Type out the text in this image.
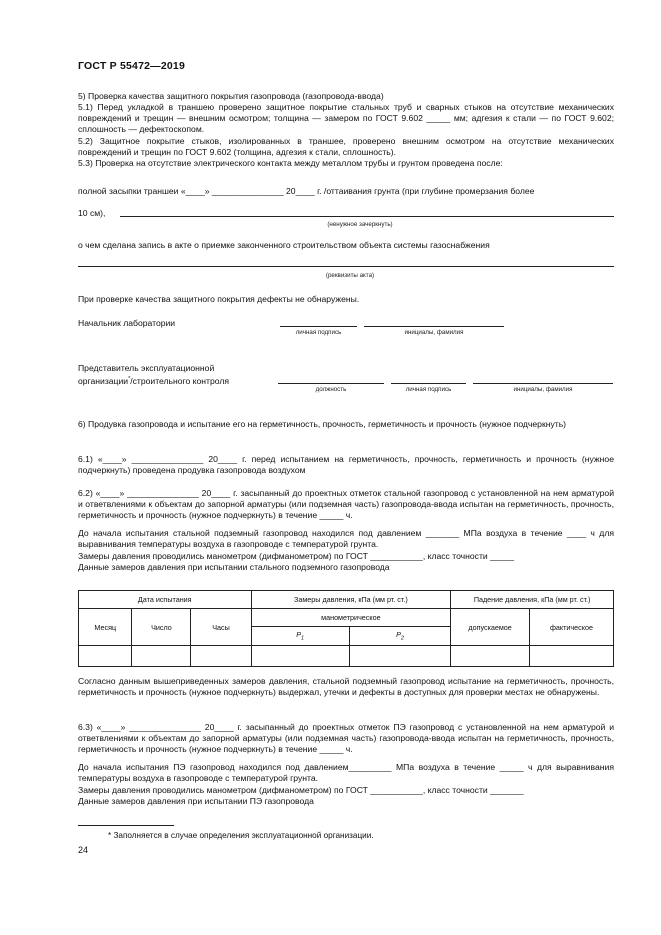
ГОСТ Р 55472—2019

5) Проверка качества защитного покрытия газопровода (газопровода-ввода)

5.1) Перед укладкой в траншею проверено защитное покрытие стальных труб и сварных стыков на отсутствие механических повреждений и трещин — внешним осмотром; толщина — замером по ГОСТ 9.602 _____ мм; адгезия к стали — по ГОСТ 9.602; сплошность — дефектоскопом.

5.2) Защитное покрытие стыков, изолированных в траншее, проверено внешним осмотром на отсутствие механических повреждений и трещин по ГОСТ 9.602 (толщина, адгезия к стали, сплошность).

5.3) Проверка на отсутствие электрического контакта между металлом трубы и грунтом проведена после:

полной засыпки траншеи «____» _______________ 20____ г. /оттаивания грунта (при глубине промерзания более

10 см),

(ненужное зачеркнуть)

о чем сделана запись в акте о приемке законченного строительством объекта системы газоснабжения

(реквизиты акта)

При проверке качества защитного покрытия дефекты не обнаружены.

Начальник лаборатории
личная подпись	инициалы, фамилия
Представитель эксплуатационной
организации*/строительного контроля
должность	личная подпись	инициалы, фамилия

6) Продувка газопровода и испытание его на герметичность, прочность, герметичность и прочность (нужное подчеркнуть)

6.1) «____» _______________ 20____ г. перед испытанием на герметичность, прочность, герметичность и прочность (нужное подчеркнуть) проведена продувка газопровода воздухом

6.2) «____» _______________ 20____ г. засыпанный до проектных отметок стальной газопровод с установленной на нем арматурой и ответвлениями к объектам до запорной арматуры (или подземная часть) газопровода-ввода испытан на герметичность, прочность, герметичность и прочность (нужное подчеркнуть) в течение _____ ч.

До начала испытания стальной подземный газопровод находился под давлением _______ МПа воздуха в течение ____ ч для выравнивания температуры воздуха в газопроводе с температурой грунта.

Замеры давления проводились манометром (дифманометром) по ГОСТ ___________, класс точности _____

Данные замеров давления при испытании стального подземного газопровода

Дата испытания			Замеры давления, кПа (мм рт. ст.)		Падение давления, кПа (мм рт. ст.)	
Месяц	Число	Часы	манометрическое		допускаемое	фактическое
			$P_1$	$P_2$

Согласно данным вышеприведенных замеров давления, стальной подземный газопровод испытание на герметичность, прочность, герметичность и прочность (нужное подчеркнуть) выдержал, утечки и дефекты в доступных для проверки местах не обнаружены.

6.3) «____» _______________ 20____ г. засыпанный до проектных отметок ПЭ газопровод с установленной на нем арматурой и ответвлениями к объектам до запорной арматуры (или подземная часть) газопровода-ввода испытан на герметичность, прочность, герметичность и прочность (нужное подчеркнуть) в течение _____ ч.

До начала испытания ПЭ газопровод находился под давлением_________ МПа воздуха в течение _____ ч для выравнивания температуры воздуха в газопроводе с температурой грунта.

Замеры давления проводились манометром (дифманометром) по ГОСТ ___________, класс точности _______

Данные замеров давления при испытании ПЭ газопровода

* Заполняется в случае определения эксплуатационной организации.
24
